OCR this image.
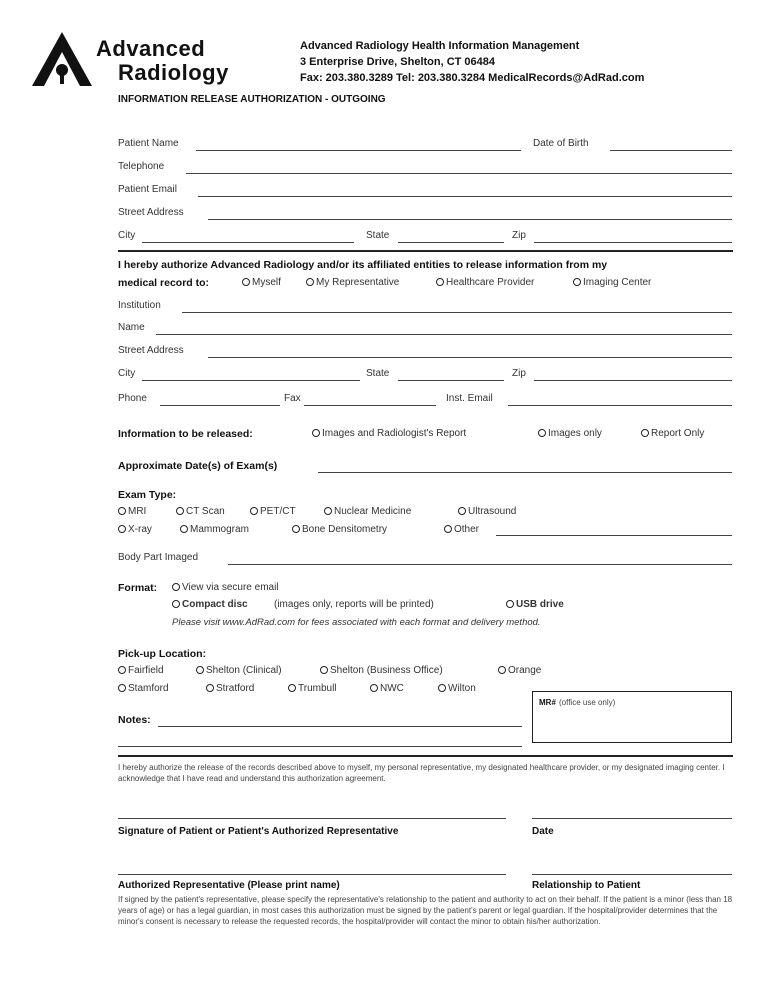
Advanced
Radiology
Advanced Radiology Health Information Management
3 Enterprise Drive, Shelton, CT 06484
Fax: 203.380.3289 Tel: 203.380.3284 MedicalRecords@AdRad.com
INFORMATION RELEASE AUTHORIZATION - OUTGOING
Patient Name	Date of Birth
Telephone
Patient Email
Street Address
City	State	Zip
I hereby authorize Advanced Radiology and/or its affiliated entities to release information from my
medical record to:	Myself	My Representative	Healthcare Provider	Imaging Center
Institution
Name
Street Address
City	State	Zip
Phone	Fax	Inst. Email
Information to be released:	Images and Radiologist's Report	Images only	Report Only
Approximate Date(s) of Exam(s)
Exam Type:
MRI	CT Scan	PET/CT	Nuclear Medicine	Ultrasound
X-ray	Mammogram	Bone Densitometry	Other
Body Part Imaged
Format:	View via secure email
Compact disc	(images only, reports will be printed)	USB drive
Please visit www.AdRad.com for fees associated with each format and delivery method.
Pick-up Location:
Fairfield	Shelton (Clinical)	Shelton (Business Office)	Orange
Stamford	Stratford	Trumbull	NWC	Wilton
Notes:
MR# (office use only)
I hereby authorize the release of the records described above to myself, my personal representative, my designated healthcare provider, or my designated imaging center. I acknowledge that I have read and understand this authorization agreement.
Signature of Patient or Patient's Authorized Representative	Date
Authorized Representative (Please print name)	Relationship to Patient
If signed by the patient's representative, please specify the representative's relationship to the patient and authority to act on their behalf. If the patient is a minor (less than 18 years of age) or has a legal guardian, in most cases this authorization must be signed by the patient's parent or legal guardian. If the hospital/provider determines that the minor's consent is necessary to release the requested records, the hospital/provider will contact the minor to obtain his/her authorization.
